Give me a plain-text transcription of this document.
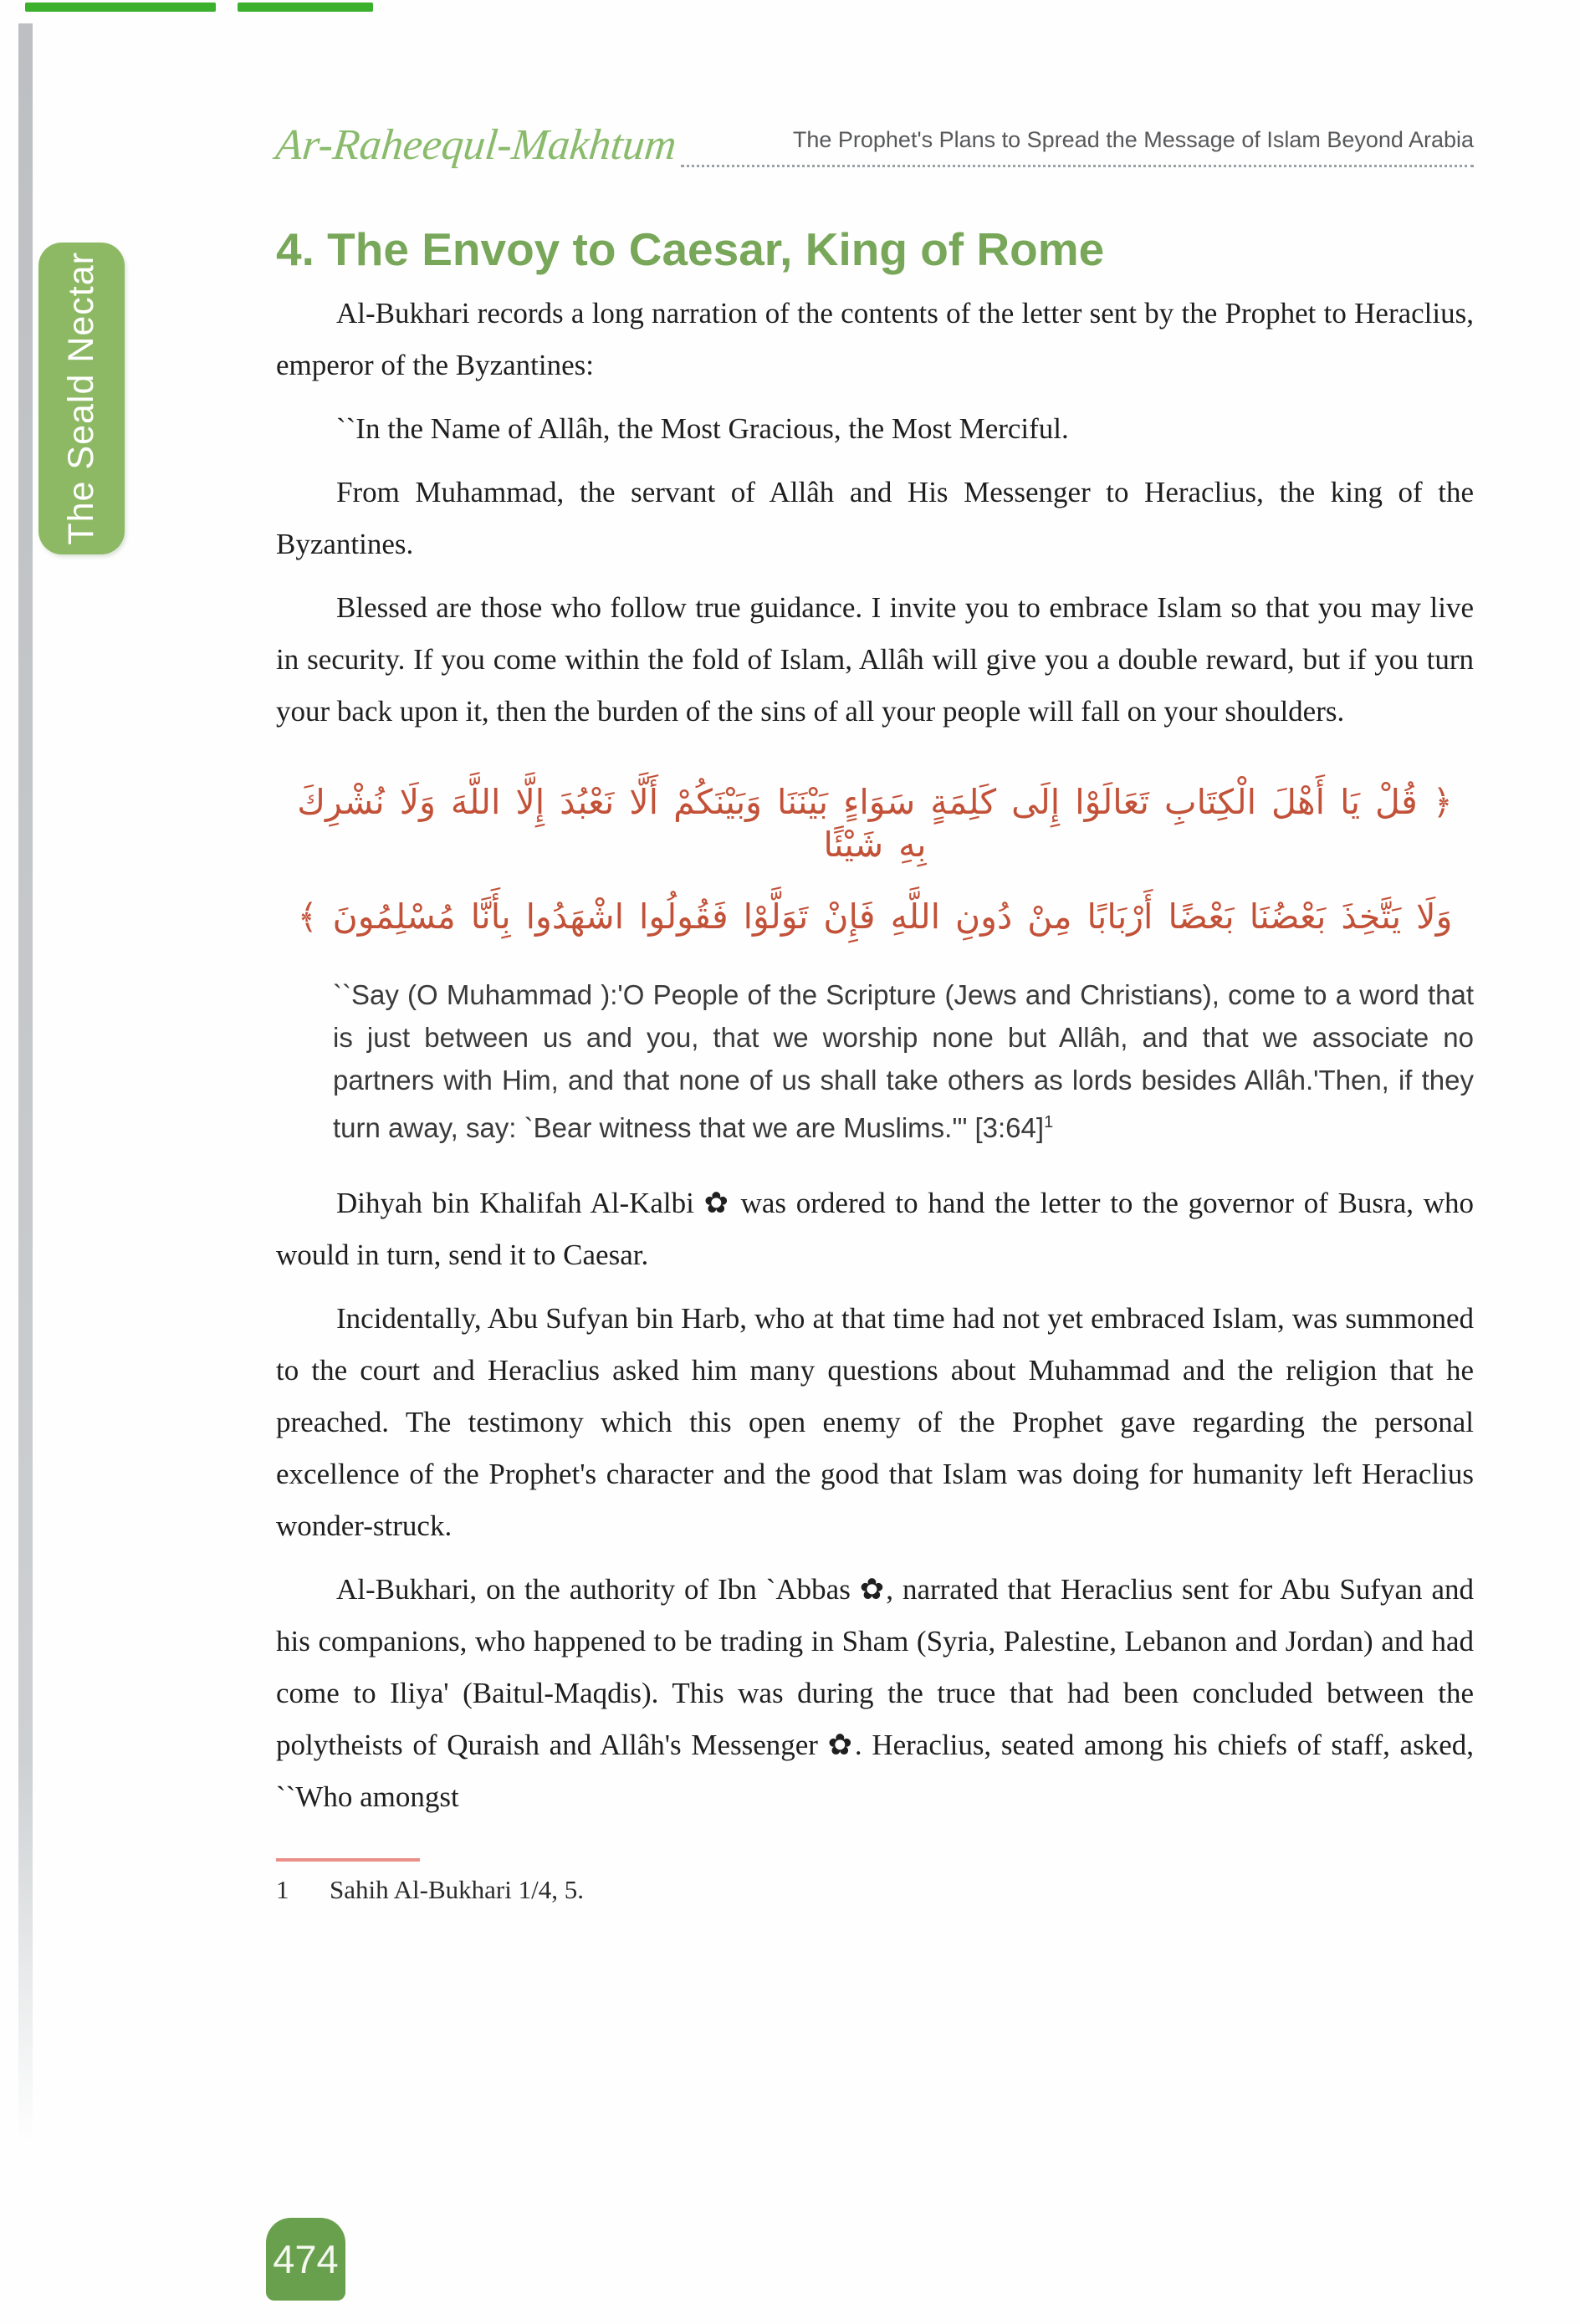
The Seald Nectar
Ar-Raheequl-Makhtum	The Prophet's Plans to Spread the Message of Islam Beyond Arabia
4. The Envoy to Caesar, King of Rome

Al-Bukhari records a long narration of the contents of the letter sent by the Prophet to Heraclius, emperor of the Byzantines:

``In the Name of Allâh, the Most Gracious, the Most Merciful.

From Muhammad, the servant of Allâh and His Messenger to Heraclius, the king of the Byzantines.

Blessed are those who follow true guidance. I invite you to embrace Islam so that you may live in security. If you come within the fold of Islam, Allâh will give you a double reward, but if you turn your back upon it, then the burden of the sins of all your people will fall on your shoulders.

﴿ قُلْ يَا أَهْلَ الْكِتَابِ تَعَالَوْا إِلَى كَلِمَةٍ سَوَاءٍ بَيْنَنَا وَبَيْنَكُمْ أَلَّا نَعْبُدَ إِلَّا اللَّهَ وَلَا نُشْرِكَ بِهِ شَيْئًا
وَلَا يَتَّخِذَ بَعْضُنَا بَعْضًا أَرْبَابًا مِنْ دُونِ اللَّهِ فَإِنْ تَوَلَّوْا فَقُولُوا اشْهَدُوا بِأَنَّا مُسْلِمُونَ ﴾
``Say (O Muhammad ):'O People of the Scripture (Jews and Christians), come to a word that is just between us and you, that we worship none but Allâh, and that we associate no partners with Him, and that none of us shall take others as lords besides Allâh.'Then, if they turn away, say: `Bear witness that we are Muslims.'" [3:64]$^1$

Dihyah bin Khalifah Al-Kalbi ✿ was ordered to hand the letter to the governor of Busra, who would in turn, send it to Caesar.

Incidentally, Abu Sufyan bin Harb, who at that time had not yet embraced Islam, was summoned to the court and Heraclius asked him many questions about Muhammad and the religion that he preached. The testimony which this open enemy of the Prophet gave regarding the personal excellence of the Prophet's character and the good that Islam was doing for humanity left Heraclius wonder-struck.

Al-Bukhari, on the authority of Ibn `Abbas ✿, narrated that Heraclius sent for Abu Sufyan and his companions, who happened to be trading in Sham (Syria, Palestine, Lebanon and Jordan) and had come to Iliya' (Baitul-Maqdis). This was during the truce that had been concluded between the polytheists of Quraish and Allâh's Messenger ✿. Heraclius, seated among his chiefs of staff, asked, ``Who amongst

1	Sahih Al-Bukhari 1/4, 5.
474
